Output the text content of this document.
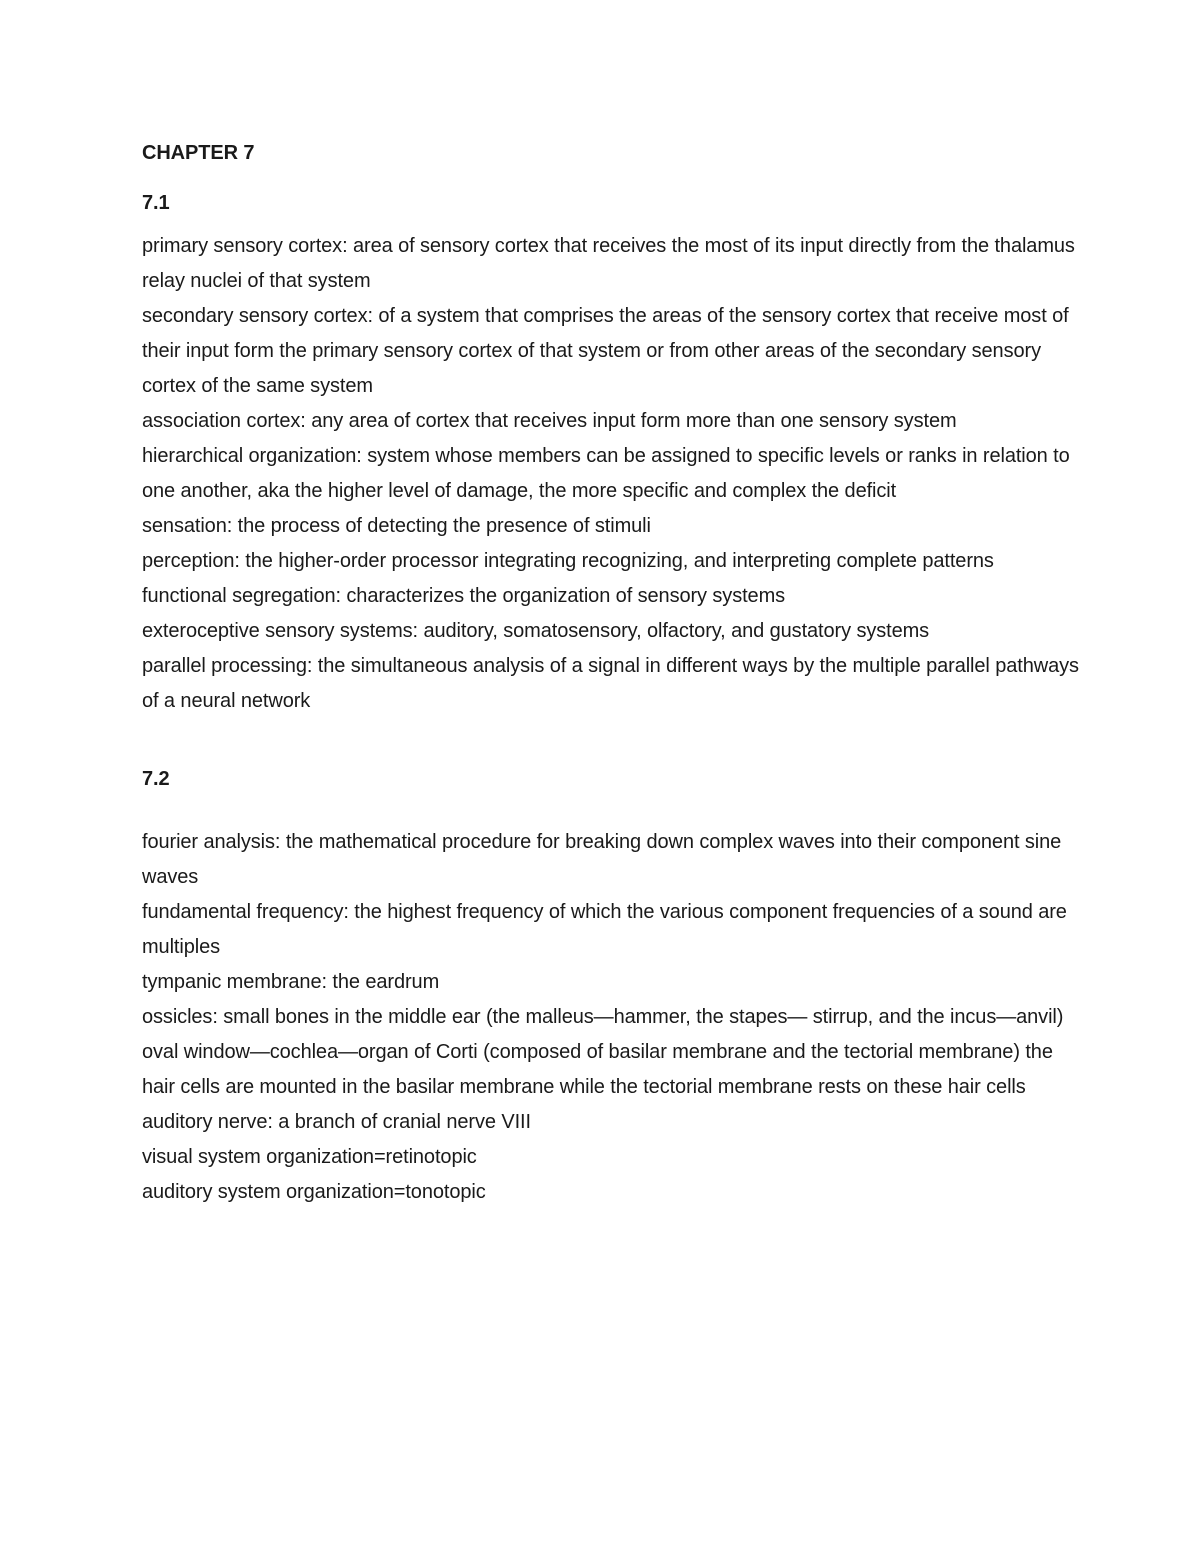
CHAPTER 7
7.1

primary sensory cortex: area of sensory cortex that receives the most of its input directly from the thalamus relay nuclei of that system

secondary sensory cortex: of a system that comprises the areas of the sensory cortex that receive most of their input form the primary sensory cortex of that system or from other areas of the secondary sensory cortex of the same system

association cortex: any area of cortex that receives input form more than one sensory system

hierarchical organization: system whose members can be assigned to specific levels or ranks in relation to one another, aka the higher level of damage, the more specific and complex the deficit

sensation: the process of detecting the presence of stimuli

perception: the higher-order processor integrating recognizing, and interpreting complete patterns

functional segregation: characterizes the organization of sensory systems

exteroceptive sensory systems: auditory, somatosensory, olfactory, and gustatory systems

parallel processing: the simultaneous analysis of a signal in different ways by the multiple parallel pathways of a neural network

7.2

fourier analysis: the mathematical procedure for breaking down complex waves into their component sine waves

fundamental frequency: the highest frequency of which the various component frequencies of a sound are multiples

tympanic membrane: the eardrum

ossicles: small bones in the middle ear (the malleus—hammer, the stapes— stirrup, and the incus—anvil)

oval window—cochlea—organ of Corti (composed of basilar membrane and the tectorial membrane) the hair cells are mounted in the basilar membrane while the tectorial membrane rests on these hair cells

auditory nerve: a branch of cranial nerve VIII

visual system organization=retinotopic

auditory system organization=tonotopic
